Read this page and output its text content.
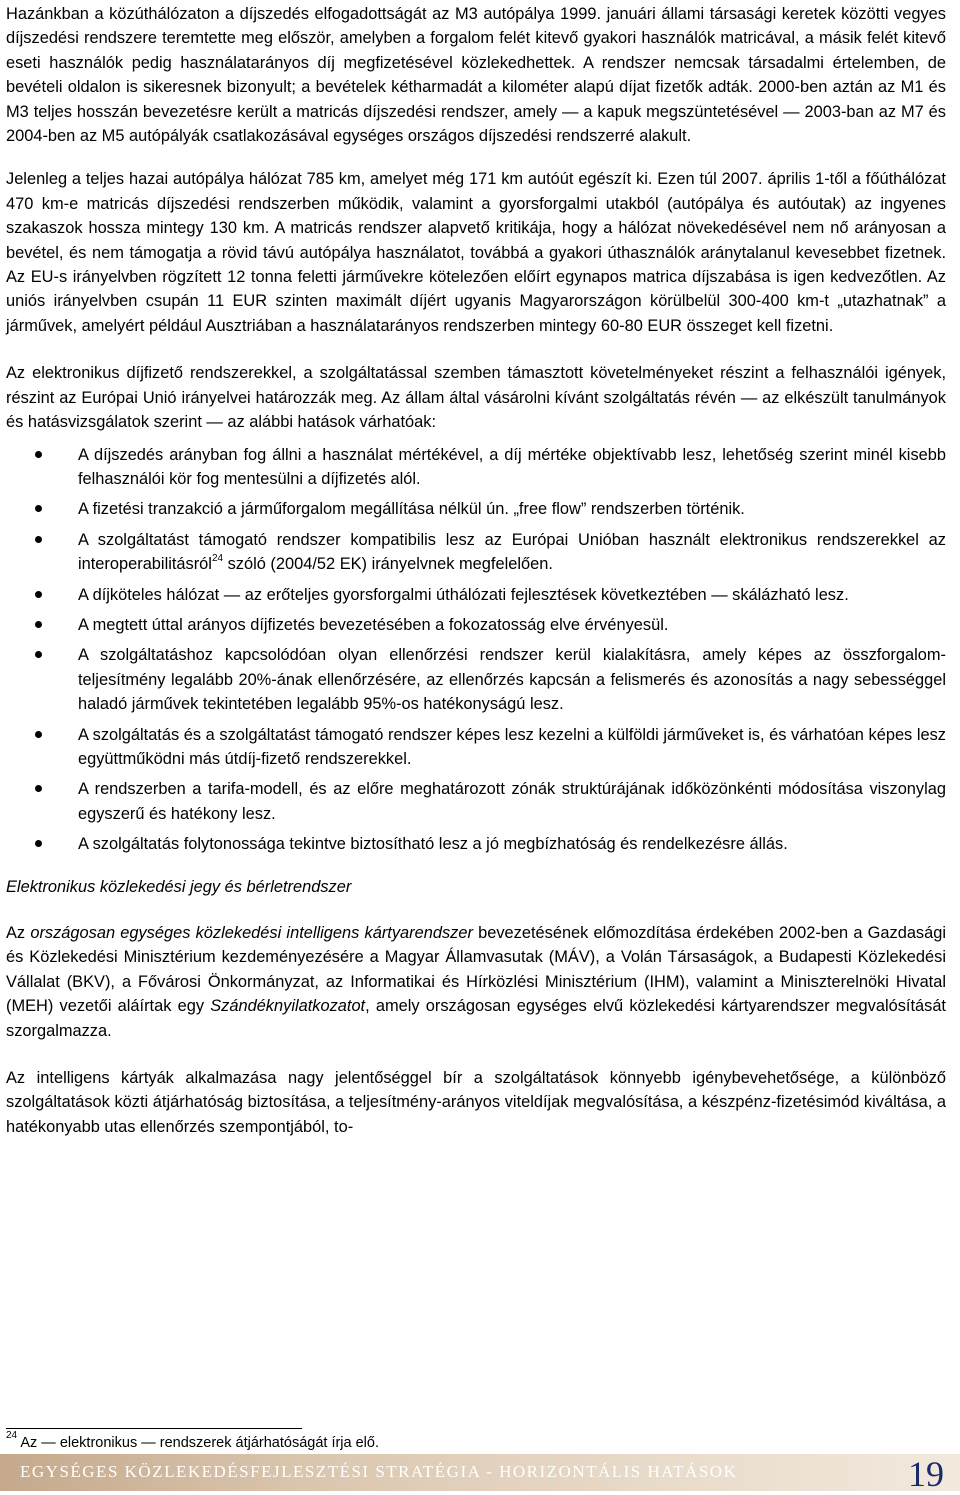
Hazánkban a közúthálózaton a díjszedés elfogadottságát az M3 autópálya 1999. januári állami társasági keretek közötti vegyes díjszedési rendszere teremtette meg először, amelyben a forgalom felét kitevő gyakori használók matricával, a másik felét kitevő eseti használók pedig használatarányos díj megfizetésével közlekedhettek. A rendszer nemcsak társadalmi értelemben, de bevételi oldalon is sikeresnek bizonyult; a bevételek kétharmadát a kilométer alapú díjat fizetők adták. 2000-ben aztán az M1 és M3 teljes hosszán bevezetésre került a matricás díjszedési rendszer, amely — a kapuk megszüntetésével — 2003-ban az M7 és 2004-ben az M5 autópályák csatlakozásával egységes országos díjszedési rendszerré alakult.

Jelenleg a teljes hazai autópálya hálózat 785 km, amelyet még 171 km autóút egészít ki. Ezen túl 2007. április 1-től a főúthálózat 470 km-e matricás díjszedési rendszerben működik, valamint a gyorsforgalmi utakból (autópálya és autóutak) az ingyenes szakaszok hossza mintegy 130 km. A matricás rendszer alapvető kritikája, hogy a hálózat növekedésével nem nő arányosan a bevétel, és nem támogatja a rövid távú autópálya használatot, továbbá a gyakori úthasználók aránytalanul kevesebbet fizetnek. Az EU-s irányelvben rögzített 12 tonna feletti járművekre kötelezően előírt egynapos matrica díjszabása is igen kedvezőtlen. Az uniós irányelvben csupán 11 EUR szinten maximált díjért ugyanis Magyarországon körülbelül 300-400 km-t „utazhatnak” a járművek, amelyért például Ausztriában a használatarányos rendszerben mintegy 60-80 EUR összeget kell fizetni.

Az elektronikus díjfizető rendszerekkel, a szolgáltatással szemben támasztott követelményeket részint a felhasználói igények, részint az Európai Unió irányelvei határozzák meg. Az állam által vásárolni kívánt szolgáltatás révén — az elkészült tanulmányok és hatásvizsgálatok szerint — az alábbi hatások várhatóak:

A díjszedés arányban fog állni a használat mértékével, a díj mértéke objektívabb lesz, lehetőség szerint minél kisebb felhasználói kör fog mentesülni a díjfizetés alól.
A fizetési tranzakció a járműforgalom megállítása nélkül ún. „free flow” rendszerben történik.
A szolgáltatást támogató rendszer kompatibilis lesz az Európai Unióban használt elektronikus rendszerekkel az interoperabilitásról$^{24}$ szóló (2004/52 EK) irányelvnek megfelelően.
A díjköteles hálózat — az erőteljes gyorsforgalmi úthálózati fejlesztések következtében — skálázható lesz.
A megtett úttal arányos díjfizetés bevezetésében a fokozatosság elve érvényesül.
A szolgáltatáshoz kapcsolódóan olyan ellenőrzési rendszer kerül kialakításra, amely képes az összforgalom-teljesítmény legalább 20%-ának ellenőrzésére, az ellenőrzés kapcsán a felismerés és azonosítás a nagy sebességgel haladó járművek tekintetében legalább 95%-os hatékonyságú lesz.
A szolgáltatás és a szolgáltatást támogató rendszer képes lesz kezelni a külföldi járműveket is, és várhatóan képes lesz együttműködni más útdíj-fizető rendszerekkel.
A rendszerben a tarifa-modell, és az előre meghatározott zónák struktúrájának időközönkénti módosítása viszonylag egyszerű és hatékony lesz.
A szolgáltatás folytonossága tekintve biztosítható lesz a jó megbízhatóság és rendelkezésre állás.

Elektronikus közlekedési jegy és bérletrendszer

Az országosan egységes közlekedési intelligens kártyarendszer bevezetésének előmozdítása érdekében 2002-ben a Gazdasági és Közlekedési Minisztérium kezdeményezésére a Magyar Államvasutak (MÁV), a Volán Társaságok, a Budapesti Közlekedési Vállalat (BKV), a Fővárosi Önkormányzat, az Informatikai és Hírközlési Minisztérium (IHM), valamint a Miniszterelnöki Hivatal (MEH) vezetői aláírtak egy Szándéknyilatkozatot, amely országosan egységes elvű közlekedési kártyarendszer megvalósítását szorgalmazza.

Az intelligens kártyák alkalmazása nagy jelentőséggel bír a szolgáltatások könnyebb igénybevehetősége, a különböző szolgáltatások közti átjárhatóság biztosítása, a teljesítmény-arányos viteldíjak megvalósítása, a készpénz-fizetésimód kiváltása, a hatékonyabb utas ellenőrzés szempontjából, to-

$^{24}$ Az — elektronikus — rendszerek átjárhatóságát írja elő.
EGYSÉGES KÖZLEKEDÉSFEJLESZTÉSI STRATÉGIA - HORIZONTÁLIS HATÁSOK	19
